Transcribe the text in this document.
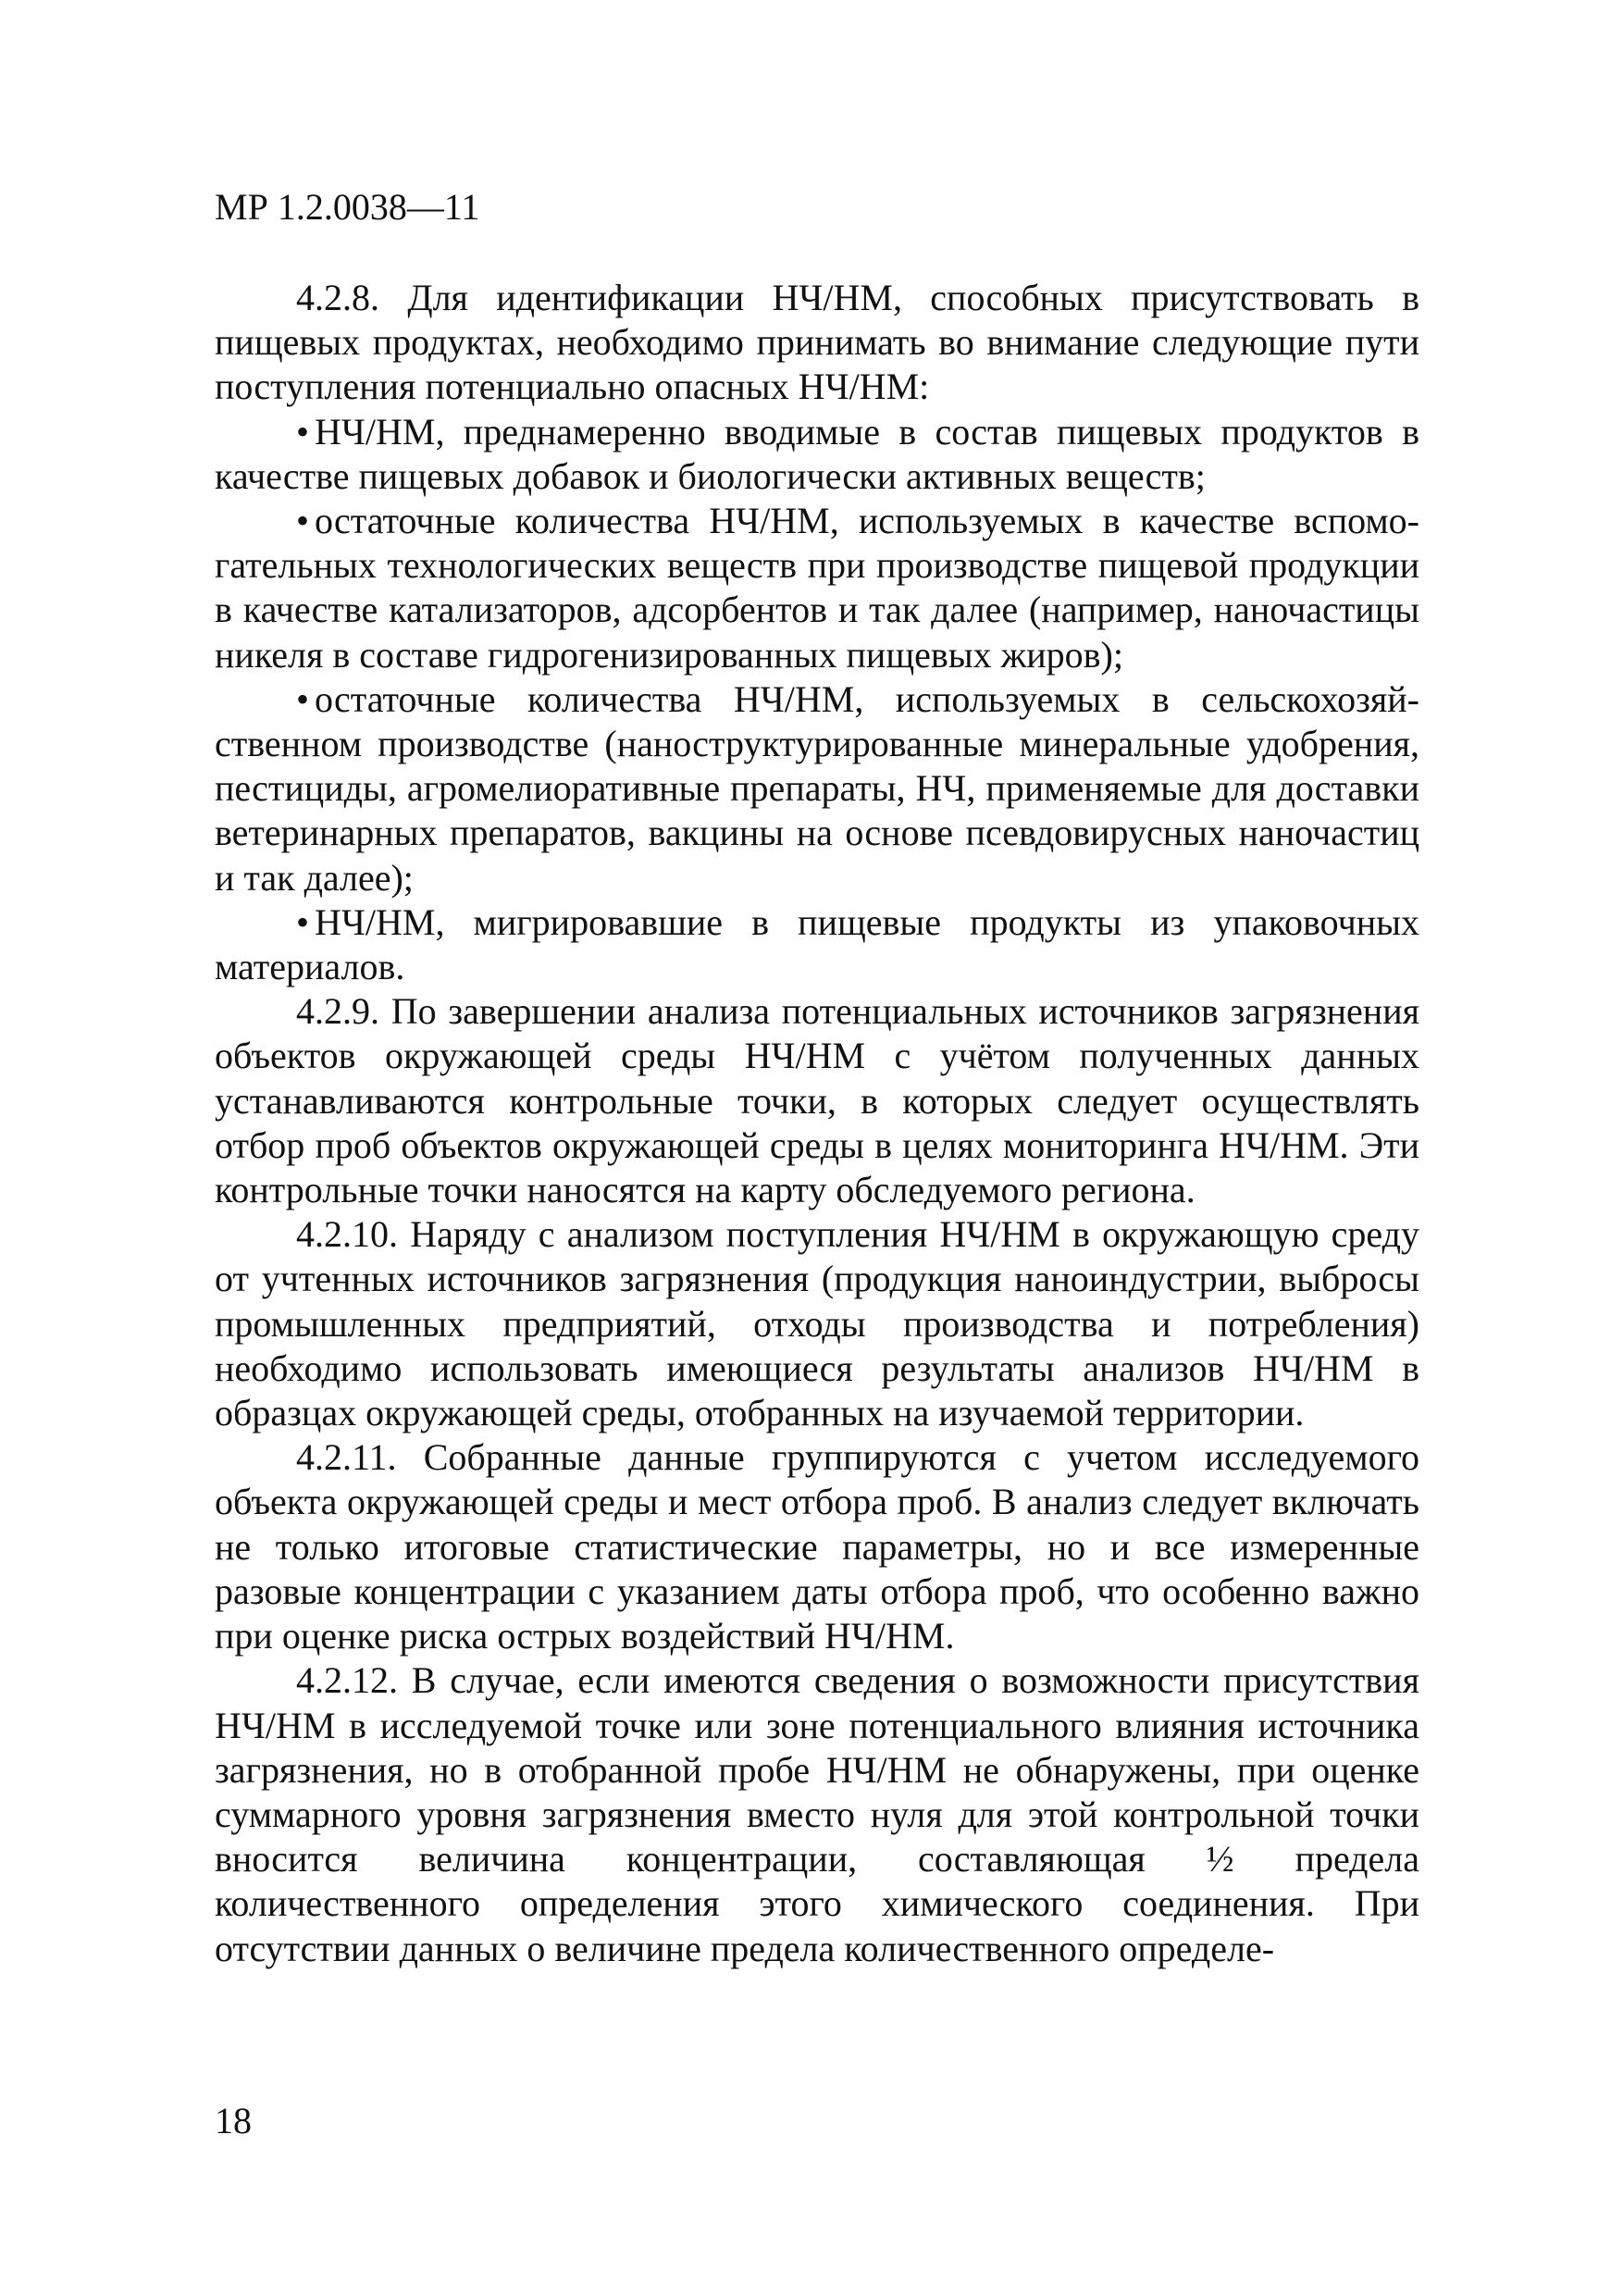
МР 1.2.0038—11

4.2.8. Для идентификации НЧ/НМ, способных присутствовать в пищевых продуктах, необходимо принимать во внимание следующие пути поступления потенциально опасных НЧ/НМ:

• НЧ/НМ, преднамеренно вводимые в состав пищевых продуктов в качестве пищевых добавок и биологически активных веществ;
• остаточные количества НЧ/НМ, используемых в качестве вспомогательных технологических веществ при производстве пищевой продукции в качестве катализаторов, адсорбентов и так далее (например, наночастицы никеля в составе гидрогенизированных пищевых жиров);
• остаточные количества НЧ/НМ, используемых в сельскохозяйственном производстве (наноструктурированные минеральные удобрения, пестициды, агромелиоративные препараты, НЧ, применяемые для доставки ветеринарных препаратов, вакцины на основе псевдовирусных наночастиц и так далее);
• НЧ/НМ, мигрировавшие в пищевые продукты из упаковочных материалов.

4.2.9. По завершении анализа потенциальных источников загрязнения объектов окружающей среды НЧ/НМ с учётом полученных данных устанавливаются контрольные точки, в которых следует осуществлять отбор проб объектов окружающей среды в целях мониторинга НЧ/НМ. Эти контрольные точки наносятся на карту обследуемого региона.

4.2.10. Наряду с анализом поступления НЧ/НМ в окружающую среду от учтенных источников загрязнения (продукция наноиндустрии, выбросы промышленных предприятий, отходы производства и потребления) необходимо использовать имеющиеся результаты анализов НЧ/НМ в образцах окружающей среды, отобранных на изучаемой территории.

4.2.11. Собранные данные группируются с учетом исследуемого объекта окружающей среды и мест отбора проб. В анализ следует включать не только итоговые статистические параметры, но и все измеренные разовые концентрации с указанием даты отбора проб, что особенно важно при оценке риска острых воздействий НЧ/НМ.

4.2.12. В случае, если имеются сведения о возможности присутствия НЧ/НМ в исследуемой точке или зоне потенциального влияния источника загрязнения, но в отобранной пробе НЧ/НМ не обнаружены, при оценке суммарного уровня загрязнения вместо нуля для этой контрольной точки вносится величина концентрации, составляющая ½ предела количественного определения этого химического соединения. При отсутствии данных о величине предела количественного определе-

18
